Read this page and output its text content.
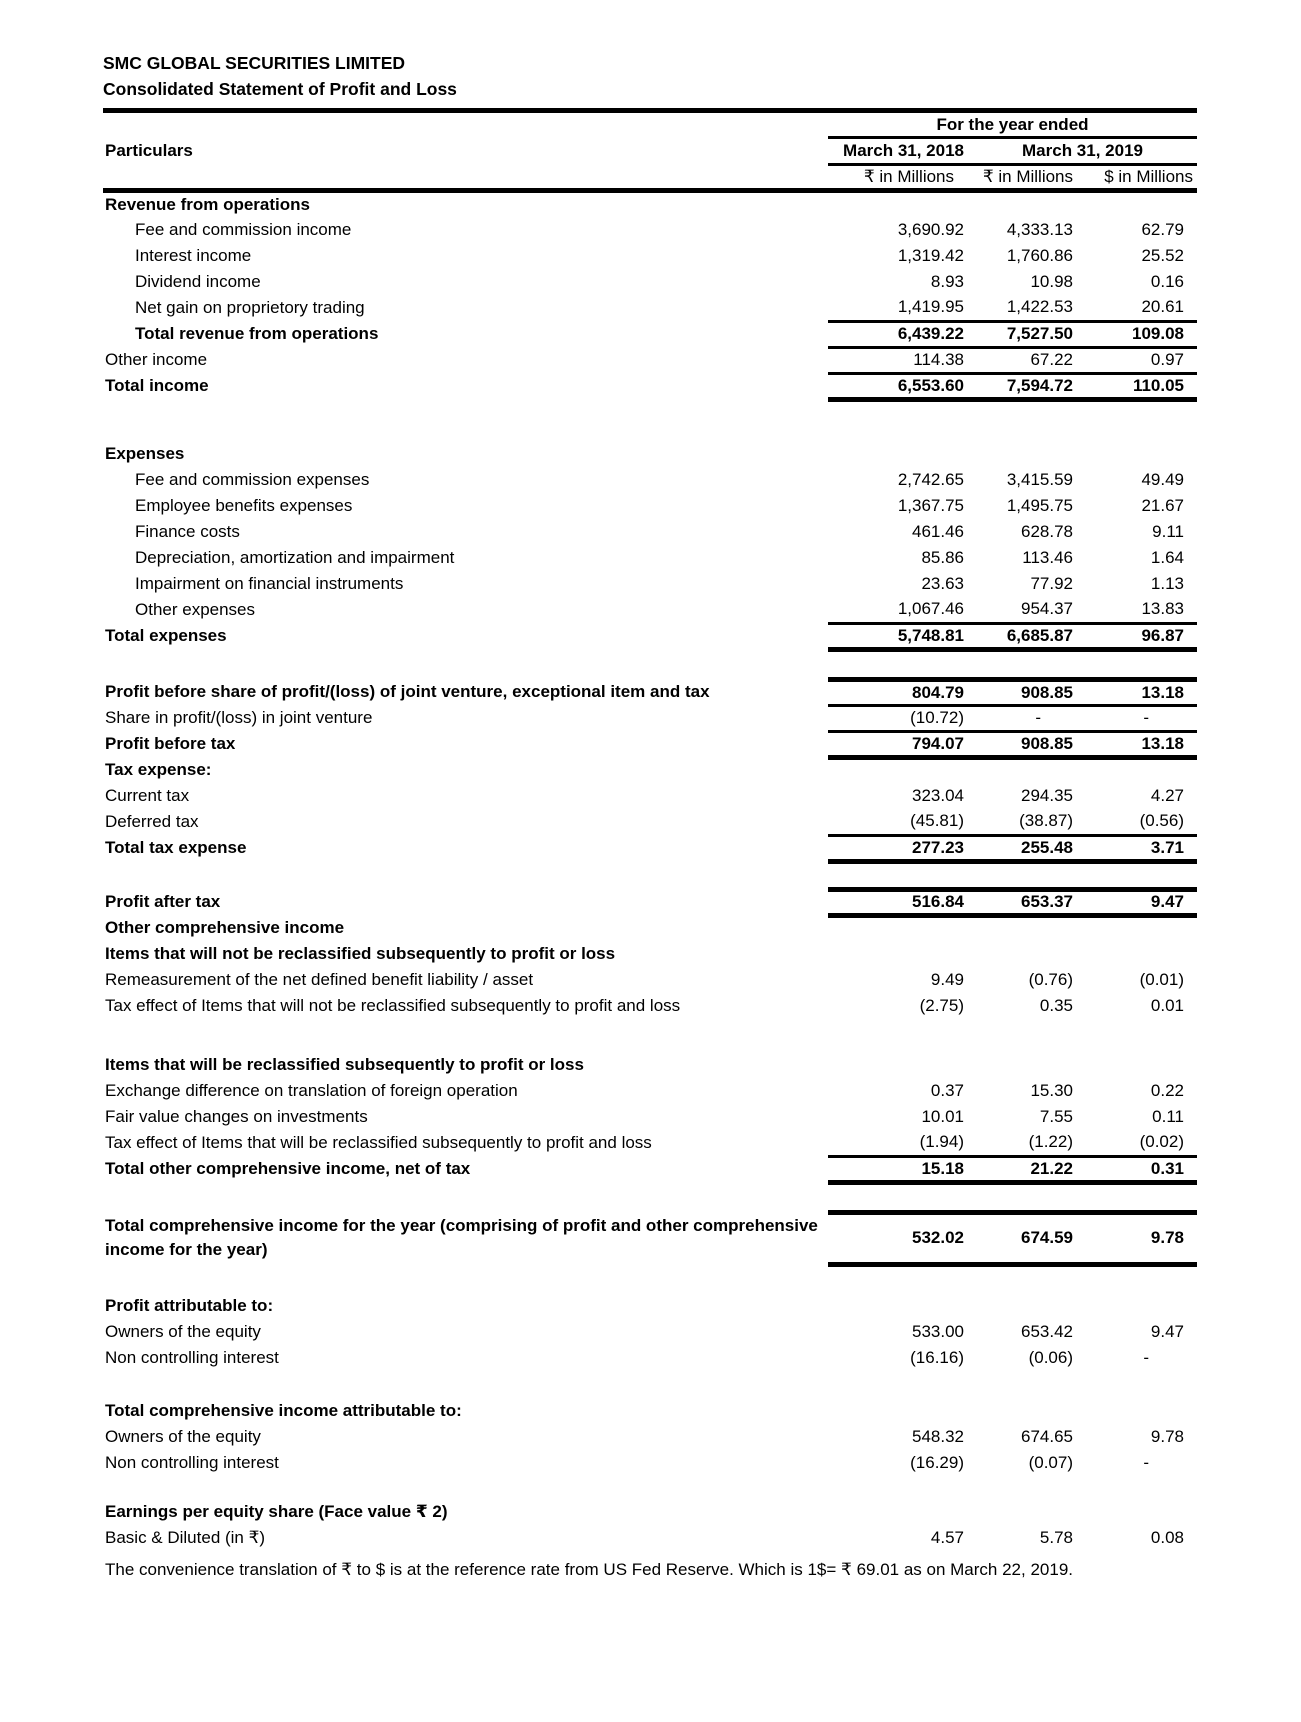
SMC GLOBAL SECURITIES LIMITED
Consolidated Statement of Profit and Loss
	For the year ended		
Particulars	March 31, 2018	March 31, 2019	
	₹ in Millions	₹ in Millions	$ in Millions
Revenue from operations			
Fee and commission income	3,690.92	4,333.13	62.79
Interest income	1,319.42	1,760.86	25.52
Dividend income	8.93	10.98	0.16
Net gain on proprietory trading	1,419.95	1,422.53	20.61
Total revenue from operations	6,439.22	7,527.50	109.08
Other income	114.38	67.22	0.97
Total income	6,553.60	7,594.72	110.05

Expenses			
Fee and commission expenses	2,742.65	3,415.59	49.49
Employee benefits expenses	1,367.75	1,495.75	21.67
Finance costs	461.46	628.78	9.11
Depreciation, amortization and impairment	85.86	113.46	1.64
Impairment on financial instruments	23.63	77.92	1.13
Other expenses	1,067.46	954.37	13.83
Total expenses	5,748.81	6,685.87	96.87

Profit before share of profit/(loss) of joint venture, exceptional item and tax	804.79	908.85	13.18
Share in profit/(loss) in joint venture	(10.72)	-	-
Profit before tax	794.07	908.85	13.18
Tax expense:			
Current tax	323.04	294.35	4.27
Deferred tax	(45.81)	(38.87)	(0.56)
Total tax expense	277.23	255.48	3.71

Profit after tax	516.84	653.37	9.47
Other comprehensive income			
Items that will not be reclassified subsequently to profit or loss			
Remeasurement of the net defined benefit liability / asset	9.49	(0.76)	(0.01)
Tax effect of Items that will not be reclassified subsequently to profit and loss	(2.75)	0.35	0.01

Items that will be reclassified subsequently to profit or loss			
Exchange difference on translation of foreign operation	0.37	15.30	0.22
Fair value changes on investments	10.01	7.55	0.11
Tax effect of Items that will be reclassified subsequently to profit and loss	(1.94)	(1.22)	(0.02)
Total other comprehensive income, net of tax	15.18	21.22	0.31

Total comprehensive income for the year (comprising of profit and other comprehensive income for the year)	532.02	674.59	9.78

Profit attributable to:			
Owners of the equity	533.00	653.42	9.47
Non controlling interest	(16.16)	(0.06)	-

Total comprehensive income attributable to:			
Owners of the equity	548.32	674.65	9.78
Non controlling interest	(16.29)	(0.07)	-

Earnings per equity share (Face value ₹ 2)			
Basic & Diluted (in ₹)	4.57	5.78	0.08
The convenience translation of ₹ to $ is at the reference rate from US Fed Reserve. Which is 1$= ₹ 69.01 as on March 22, 2019.
